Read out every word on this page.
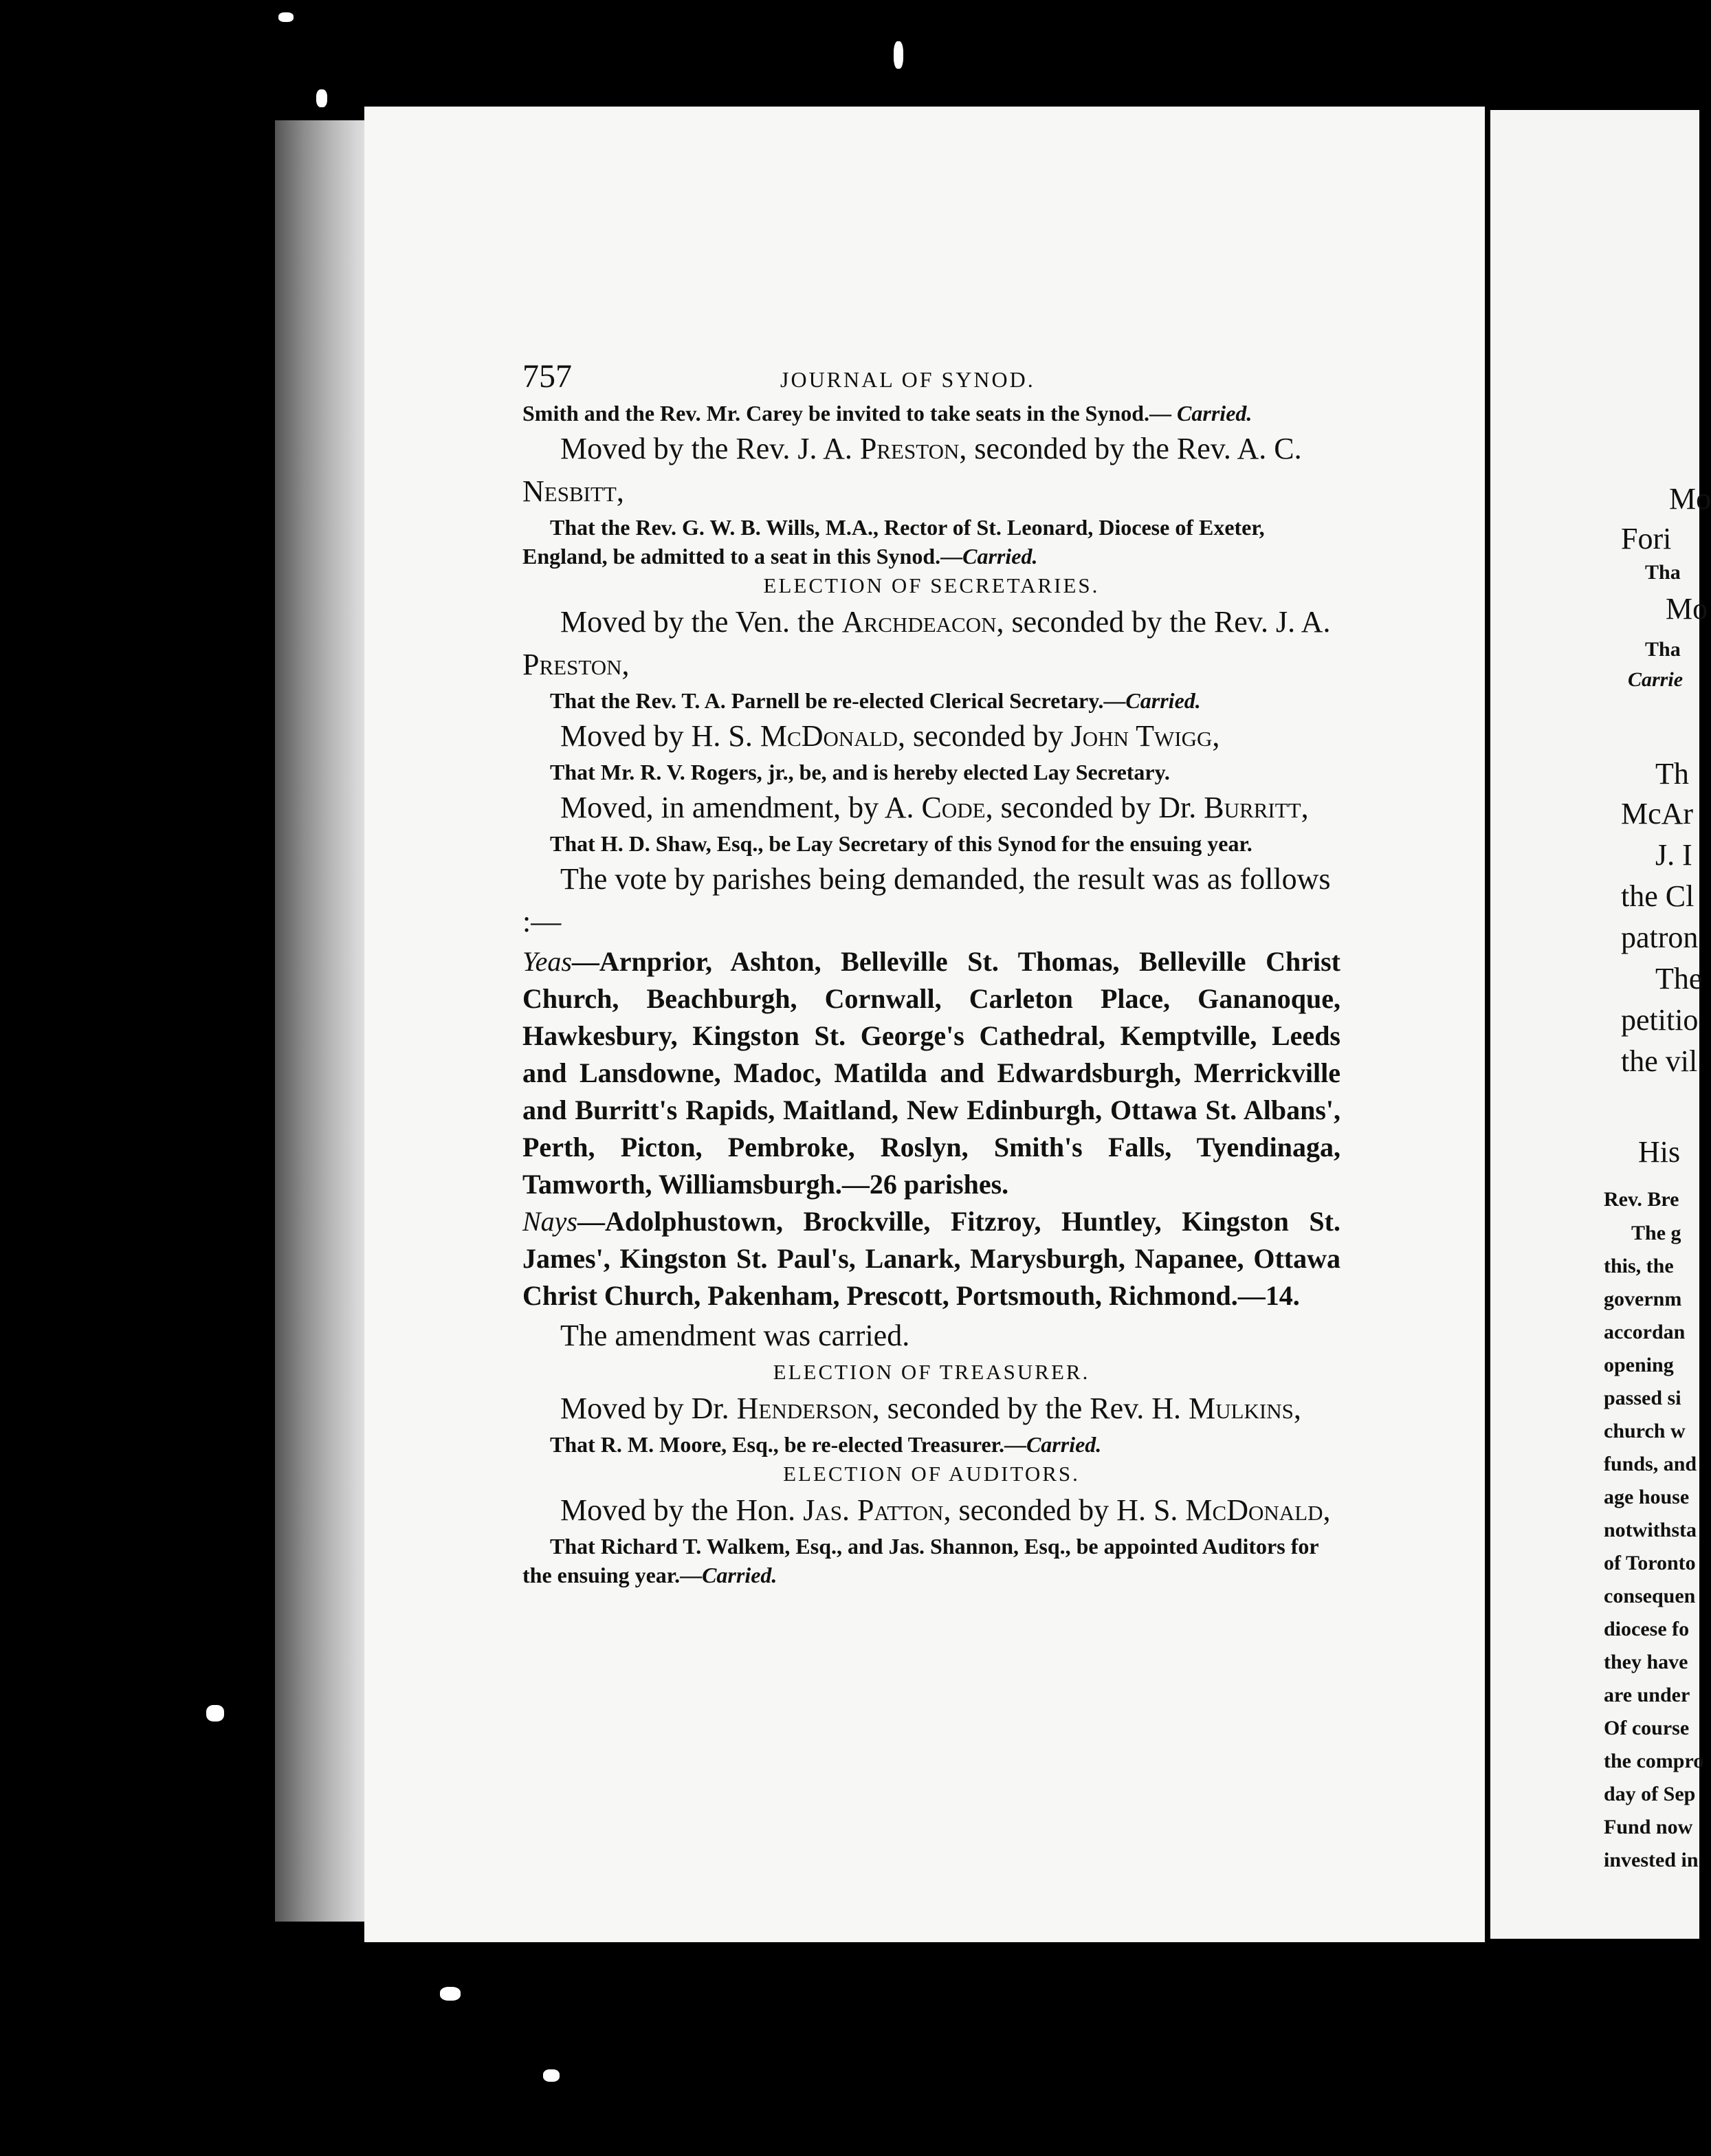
757	JOURNAL OF SYNOD.

Smith and the Rev. Mr. Carey be invited to take seats in the Synod.— Carried.

Moved by the Rev. J. A. Preston, seconded by the Rev. A. C. Nesbitt,

That the Rev. G. W. B. Wills, M.A., Rector of St. Leonard, Diocese of Exeter, England, be admitted to a seat in this Synod.—Carried.

ELECTION OF SECRETARIES.

Moved by the Ven. the Archdeacon, seconded by the Rev. J. A. Preston,

That the Rev. T. A. Parnell be re-elected Clerical Secretary.—Carried.

Moved by H. S. McDonald, seconded by John Twigg,

That Mr. R. V. Rogers, jr., be, and is hereby elected Lay Secretary.

Moved, in amendment, by A. Code, seconded by Dr. Burritt,

That H. D. Shaw, Esq., be Lay Secretary of this Synod for the ensuing year.

The vote by parishes being demanded, the result was as follows :—

Yeas—Arnprior, Ashton, Belleville St. Thomas, Belleville Christ Church, Beachburgh, Cornwall, Carleton Place, Gananoque, Hawkesbury, Kingston St. George's Cathedral, Kemptville, Leeds and Lansdowne, Madoc, Matilda and Edwardsburgh, Merrickville and Burritt's Rapids, Maitland, New Edinburgh, Ottawa St. Albans', Perth, Picton, Pembroke, Roslyn, Smith's Falls, Tyendinaga, Tamworth, Williamsburgh.—26 parishes.

Nays—Adolphustown, Brockville, Fitzroy, Huntley, Kingston St. James', Kingston St. Paul's, Lanark, Marysburgh, Napanee, Ottawa Christ Church, Pakenham, Prescott, Portsmouth, Richmond.—14.

The amendment was carried.

ELECTION OF TREASURER.

Moved by Dr. Henderson, seconded by the Rev. H. Mulkins,

That R. M. Moore, Esq., be re-elected Treasurer.—Carried.

ELECTION OF AUDITORS.

Moved by the Hon. Jas. Patton, seconded by H. S. McDonald,

That Richard T. Walkem, Esq., and Jas. Shannon, Esq., be appointed Auditors for the ensuing year.—Carried.

Mo
Fori
Tha
Mo
Tha
Carrie
Th
McAr
J. I
the Cl
patron
The
petitio
the vil
His
Rev. Bre
The g
this, the
governm
accordan
opening
passed si
church w
funds, and
age house
notwithsta
of Toronto
consequen
diocese fo
they have
are under
Of course
the compro
day of Sep
Fund now
invested in
